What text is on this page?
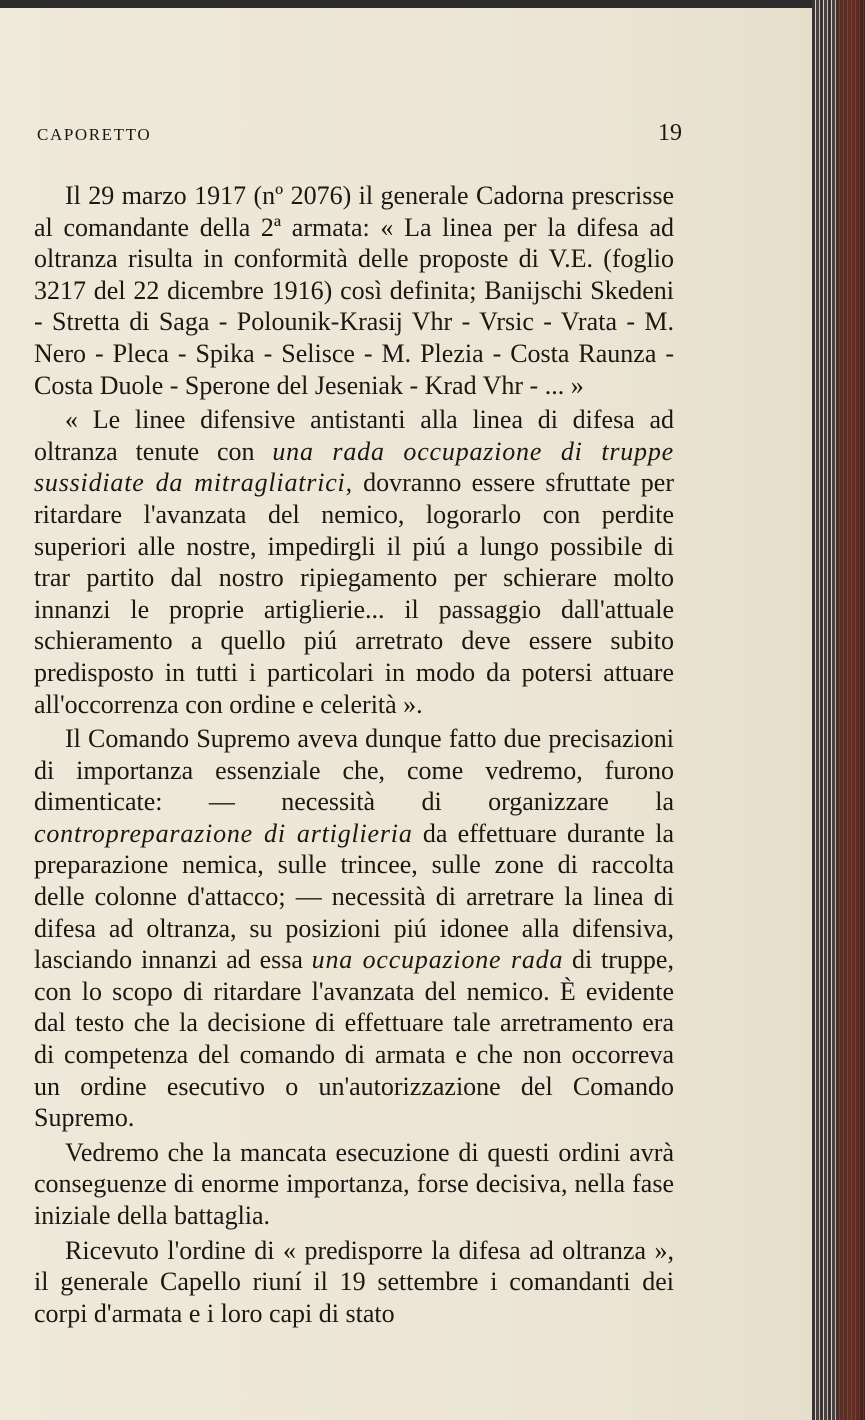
CAPORETTO	19

Il 29 marzo 1917 (nº 2076) il generale Cadorna prescrisse al comandante della 2ª armata: « La linea per la difesa ad oltranza risulta in conformità delle proposte di V.E. (foglio 3217 del 22 dicembre 1916) così definita; Banijschi Skedeni - Stretta di Saga - Polounik-Krasij Vhr - Vrsic - Vrata - M. Nero - Pleca - Spika - Selisce - M. Plezia - Costa Raunza - Costa Duole - Sperone del Jeseniak - Krad Vhr - ... »

« Le linee difensive antistanti alla linea di difesa ad oltranza tenute con una rada occupazione di truppe sussidiate da mitragliatrici, dovranno essere sfruttate per ritardare l'avanzata del nemico, logorarlo con perdite superiori alle nostre, impedirgli il piú a lungo possibile di trar partito dal nostro ripiegamento per schierare molto innanzi le proprie artiglierie... il passaggio dall'attuale schieramento a quello piú arretrato deve essere subito predisposto in tutti i particolari in modo da potersi attuare all'occorrenza con ordine e celerità ».

Il Comando Supremo aveva dunque fatto due precisazioni di importanza essenziale che, come vedremo, furono dimenticate: — necessità di organizzare la contropreparazione di artiglieria da effettuare durante la preparazione nemica, sulle trincee, sulle zone di raccolta delle colonne d'attacco; — necessità di arretrare la linea di difesa ad oltranza, su posizioni piú idonee alla difensiva, lasciando innanzi ad essa una occupazione rada di truppe, con lo scopo di ritardare l'avanzata del nemico. È evidente dal testo che la decisione di effettuare tale arretramento era di competenza del comando di armata e che non occorreva un ordine esecutivo o un'autorizzazione del Comando Supremo.

Vedremo che la mancata esecuzione di questi ordini avrà conseguenze di enorme importanza, forse decisiva, nella fase iniziale della battaglia.

Ricevuto l'ordine di « predisporre la difesa ad oltranza », il generale Capello riuní il 19 settembre i comandanti dei corpi d'armata e i loro capi di stato
